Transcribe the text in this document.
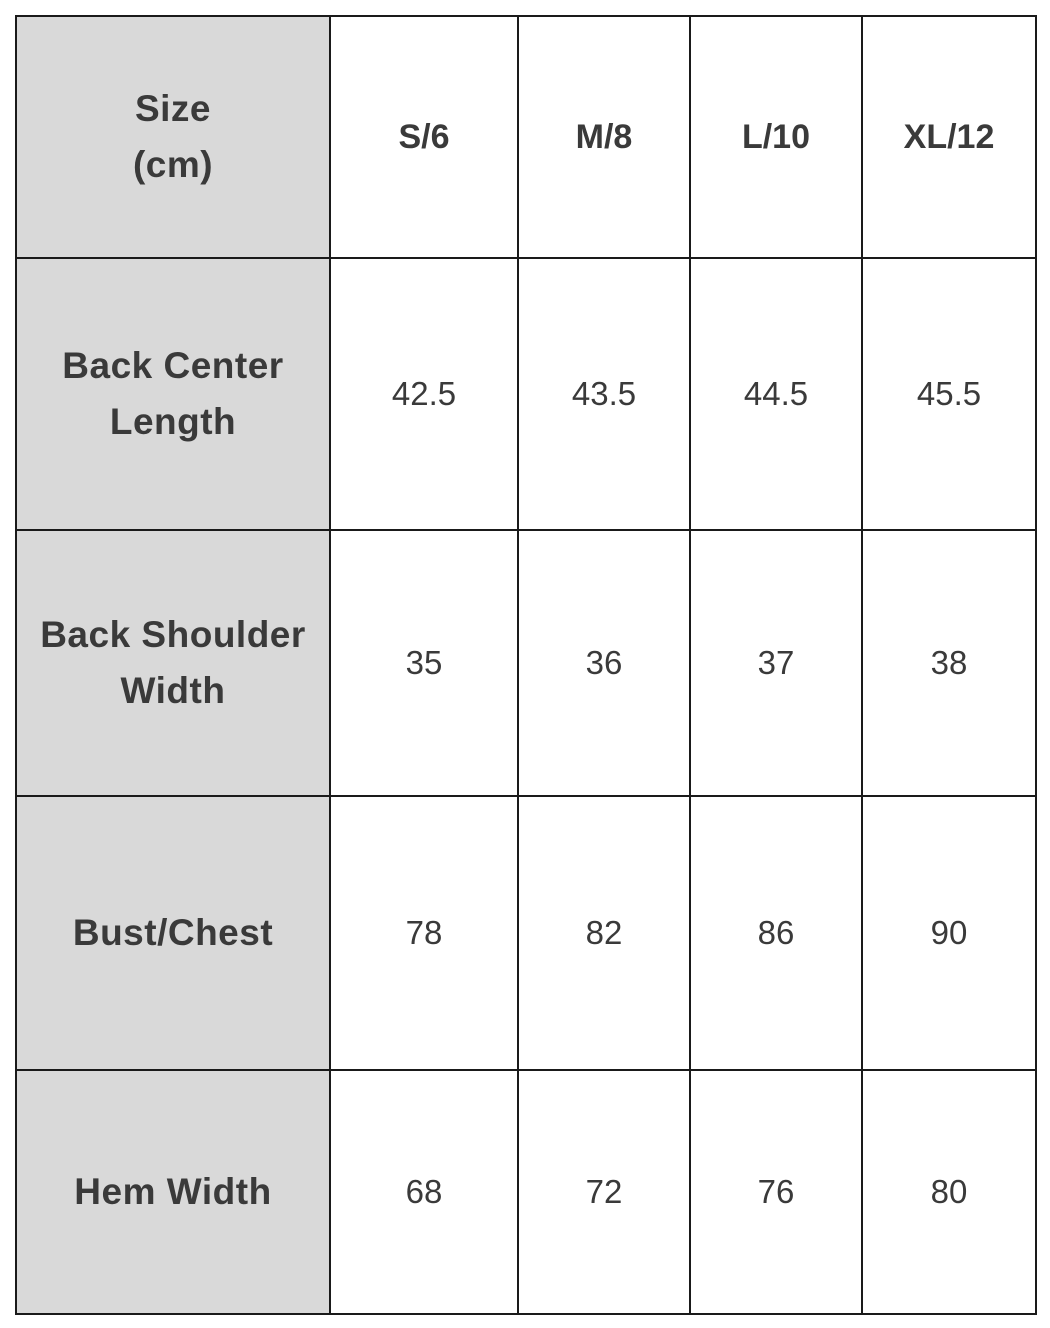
Size
(cm)	S/6	M/8	L/10	XL/12

Back Center
Length	42.5	43.5	44.5	45.5

Back Shoulder
Width	35	36	37	38

Bust/Chest	78	82	86	90

Hem Width	68	72	76	80
